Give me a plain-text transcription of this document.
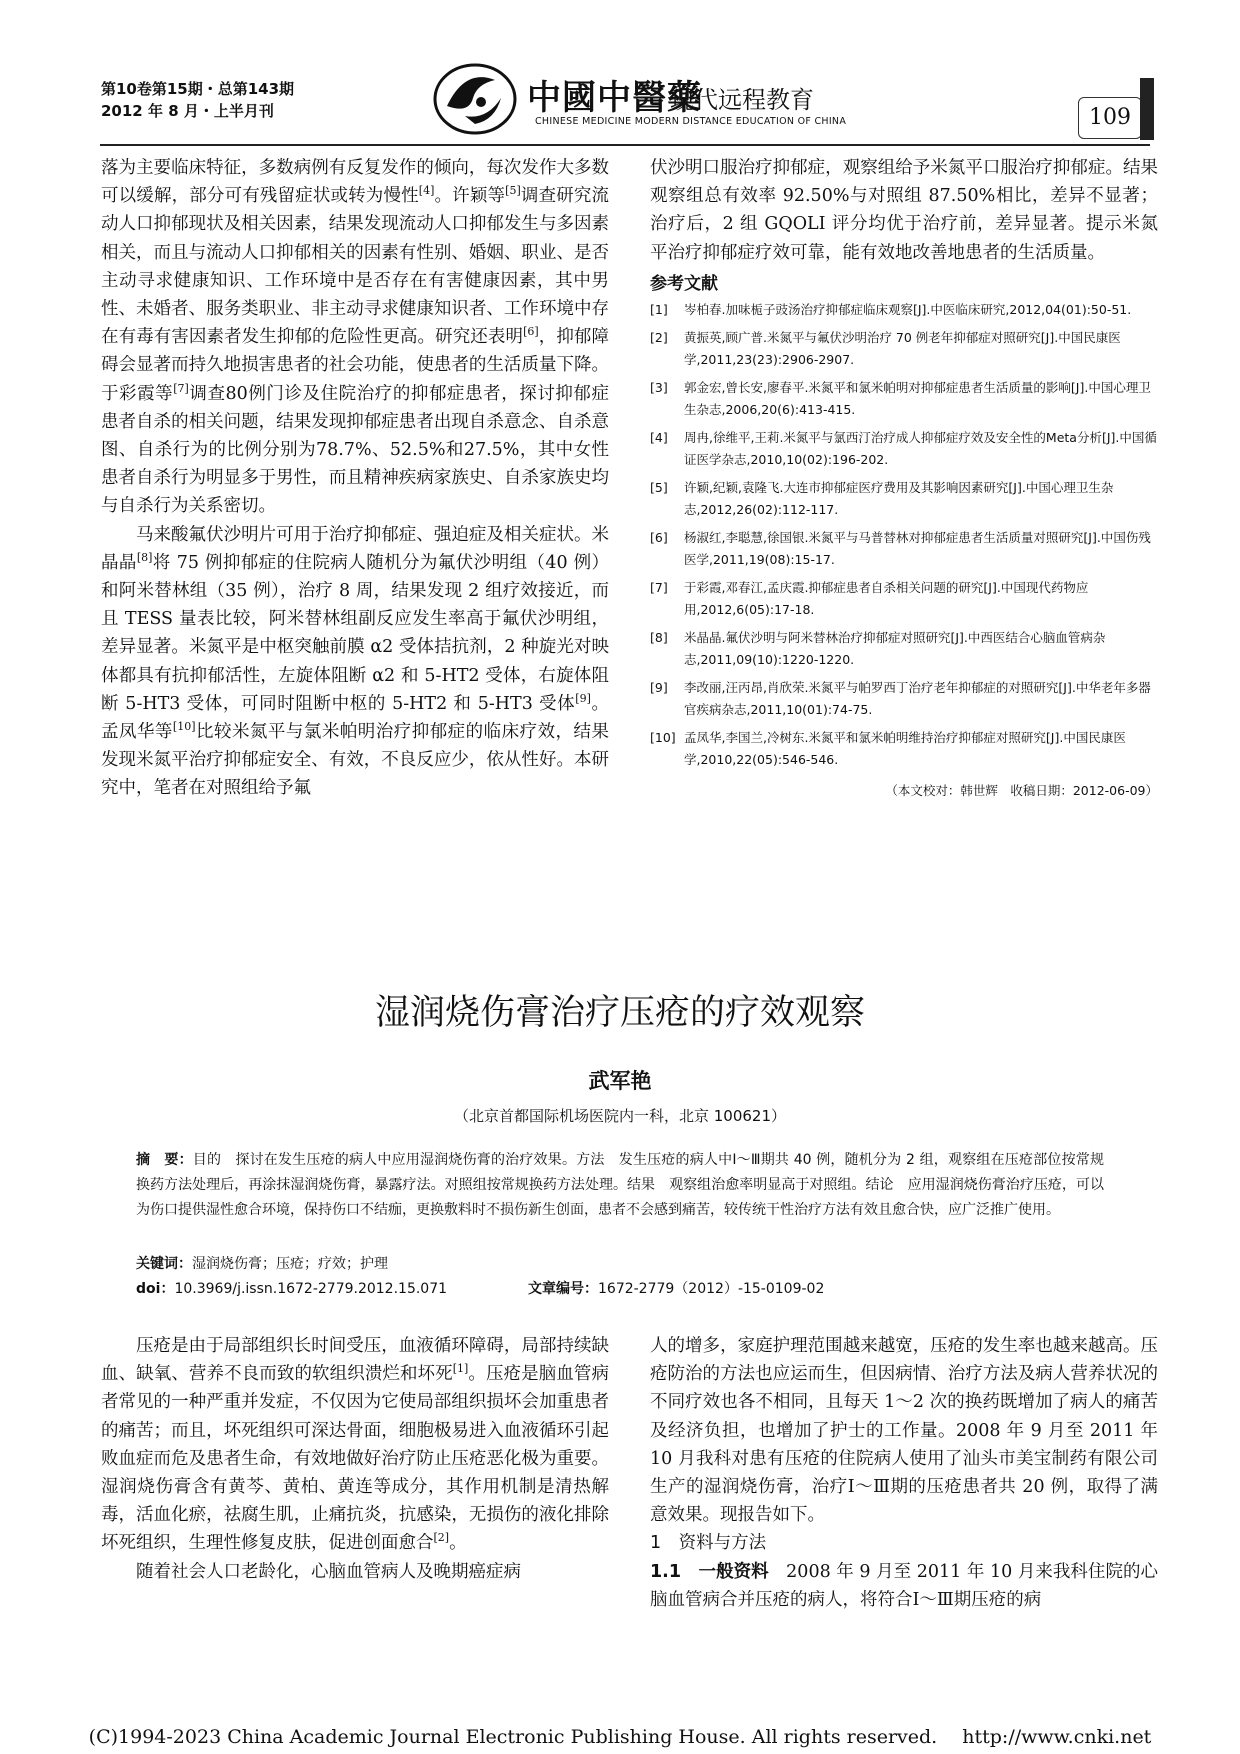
第10卷第15期・总第143期
2012 年 8 月・上半月刊	中國中醫藥
现代远程教育
CHINESE MEDICINE MODERN DISTANCE EDUCATION OF CHINA	109

落为主要临床特征，多数病例有反复发作的倾向，每次发作大多数可以缓解，部分可有残留症状或转为慢性[4]。许颖等[5]调查研究流动人口抑郁现状及相关因素，结果发现流动人口抑郁发生与多因素相关，而且与流动人口抑郁相关的因素有性别、婚姻、职业、是否主动寻求健康知识、工作环境中是否存在有害健康因素，其中男性、未婚者、服务类职业、非主动寻求健康知识者、工作环境中存在有毒有害因素者发生抑郁的危险性更高。研究还表明[6]，抑郁障碍会显著而持久地损害患者的社会功能，使患者的生活质量下降。于彩霞等[7]调查80例门诊及住院治疗的抑郁症患者，探讨抑郁症患者自杀的相关问题，结果发现抑郁症患者出现自杀意念、自杀意图、自杀行为的比例分别为78.7%、52.5%和27.5%，其中女性患者自杀行为明显多于男性，而且精神疾病家族史、自杀家族史均与自杀行为关系密切。

马来酸氟伏沙明片可用于治疗抑郁症、强迫症及相关症状。米晶晶[8]将 75 例抑郁症的住院病人随机分为氟伏沙明组（40 例）和阿米替林组（35 例），治疗 8 周，结果发现 2 组疗效接近，而且 TESS 量表比较，阿米替林组副反应发生率高于氟伏沙明组，差异显著。米氮平是中枢突触前膜 α2 受体拮抗剂，2 种旋光对映体都具有抗抑郁活性，左旋体阻断 α2 和 5-HT2 受体，右旋体阻断 5-HT3 受体，可同时阻断中枢的 5-HT2 和 5-HT3 受体[9]。孟凤华等[10]比较米氮平与氯米帕明治疗抑郁症的临床疗效，结果发现米氮平治疗抑郁症安全、有效，不良反应少，依从性好。本研究中，笔者在对照组给予氟

伏沙明口服治疗抑郁症，观察组给予米氮平口服治疗抑郁症。结果观察组总有效率 92.50%与对照组 87.50%相比，差异不显著；治疗后，2 组 GQOLI 评分均优于治疗前，差异显著。提示米氮平治疗抑郁症疗效可靠，能有效地改善地患者的生活质量。

参考文献

[1]	岑柏春.加味栀子豉汤治疗抑郁症临床观察[J].中医临床研究,2012,04(01):50-51.
[2]	黄振英,顾广普.米氮平与氟伏沙明治疗 70 例老年抑郁症对照研究[J].中国民康医学,2011,23(23):2906-2907.
[3]	郭金宏,曾长安,廖春平.米氮平和氯米帕明对抑郁症患者生活质量的影响[J].中国心理卫生杂志,2006,20(6):413-415.
[4]	周冉,徐维平,王莉.米氮平与氯西汀治疗成人抑郁症疗效及安全性的Meta分析[J].中国循证医学杂志,2010,10(02):196-202.
[5]	许颖,纪颖,袁隆飞.大连市抑郁症医疗费用及其影响因素研究[J].中国心理卫生杂志,2012,26(02):112-117.
[6]	杨淑红,李聪慧,徐国银.米氮平与马普替林对抑郁症患者生活质量对照研究[J].中国伤残医学,2011,19(08):15-17.
[7]	于彩霞,邓春江,孟庆霞.抑郁症患者自杀相关问题的研究[J].中国现代药物应用,2012,6(05):17-18.
[8]	米晶晶.氟伏沙明与阿米替林治疗抑郁症对照研究[J].中西医结合心脑血管病杂志,2011,09(10):1220-1220.
[9]	李改丽,汪丙昂,肖欣荣.米氮平与帕罗西丁治疗老年抑郁症的对照研究[J].中华老年多器官疾病杂志,2011,10(01):74-75.
[10] 孟凤华,李国兰,冷树东.米氮平和氯米帕明维持治疗抑郁症对照研究[J].中国民康医学,2010,22(05):546-546.
（本文校对：韩世辉　收稿日期：2012-06-09）
湿润烧伤膏治疗压疮的疗效观察
武军艳
（北京首都国际机场医院内一科，北京 100621）
摘　要：目的　探讨在发生压疮的病人中应用湿润烧伤膏的治疗效果。方法　发生压疮的病人中Ⅰ～Ⅲ期共 40 例，随机分为 2 组，观察组在压疮部位按常规换药方法处理后，再涂抹湿润烧伤膏，暴露疗法。对照组按常规换药方法处理。结果　观察组治愈率明显高于对照组。结论　应用湿润烧伤膏治疗压疮，可以为伤口提供湿性愈合环境，保持伤口不结痂，更换敷料时不损伤新生创面，患者不会感到痛苦，较传统干性治疗方法有效且愈合快，应广泛推广使用。
关键词：湿润烧伤膏；压疮；疗效；护理
doi：10.3969/j.issn.1672-2779.2012.15.071	文章编号：1672-2779（2012）-15-0109-02

压疮是由于局部组织长时间受压，血液循环障碍，局部持续缺血、缺氧、营养不良而致的软组织溃烂和坏死[1]。压疮是脑血管病者常见的一种严重并发症，不仅因为它使局部组织损坏会加重患者的痛苦；而且，坏死组织可深达骨面，细胞极易进入血液循环引起败血症而危及患者生命，有效地做好治疗防止压疮恶化极为重要。湿润烧伤膏含有黄芩、黄柏、黄连等成分，其作用机制是清热解毒，活血化瘀，祛腐生肌，止痛抗炎，抗感染，无损伤的液化排除坏死组织，生理性修复皮肤，促进创面愈合[2]。

随着社会人口老龄化，心脑血管病人及晚期癌症病

人的增多，家庭护理范围越来越宽，压疮的发生率也越来越高。压疮防治的方法也应运而生，但因病情、治疗方法及病人营养状况的不同疗效也各不相同，且每天 1～2 次的换药既增加了病人的痛苦及经济负担，也增加了护士的工作量。2008 年 9 月至 2011 年 10 月我科对患有压疮的住院病人使用了汕头市美宝制药有限公司生产的湿润烧伤膏，治疗Ⅰ～Ⅲ期的压疮患者共 20 例，取得了满意效果。现报告如下。

1　资料与方法

1.1　一般资料　 2008 年 9 月至 2011 年 10 月来我科住院的心脑血管病合并压疮的病人，将符合Ⅰ～Ⅲ期压疮的病

(C)1994-2023 China Academic Journal Electronic Publishing House. All rights reserved.　 http://www.cnki.net
